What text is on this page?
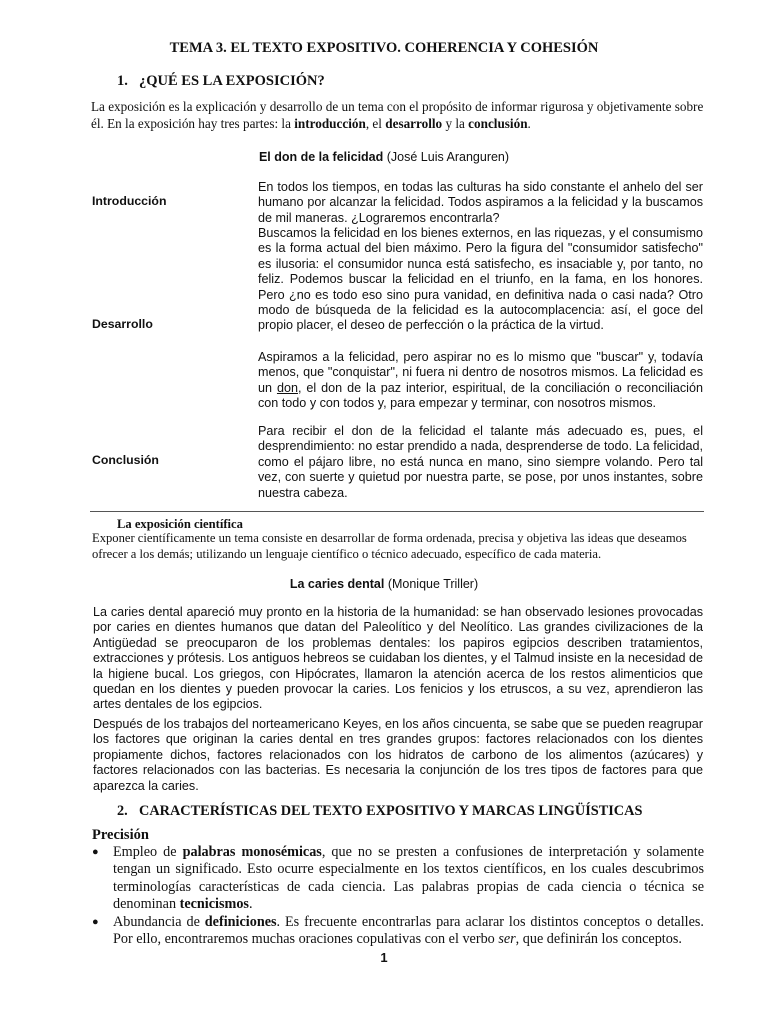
TEMA 3. EL TEXTO EXPOSITIVO. COHERENCIA Y COHESIÓN
1. ¿QUÉ ES LA EXPOSICIÓN?
La exposición es la explicación y desarrollo de un tema con el propósito de informar rigurosa y objetivamente sobre él. En la exposición hay tres partes: la introducción, el desarrollo y la conclusión.
El don de la felicidad (José Luis Aranguren)
Introducción
Desarrollo
Conclusión

En todos los tiempos, en todas las culturas ha sido constante el anhelo del ser humano por alcanzar la felicidad. Todos aspiramos a la felicidad y la buscamos de mil maneras. ¿Lograremos encontrarla?

Buscamos la felicidad en los bienes externos, en las riquezas, y el consumismo es la forma actual del bien máximo. Pero la figura del "consumidor satisfecho" es ilusoria: el consumidor nunca está satisfecho, es insaciable y, por tanto, no feliz. Podemos buscar la felicidad en el triunfo, en la fama, en los honores. Pero ¿no es todo eso sino pura vanidad, en definitiva nada o casi nada? Otro modo de búsqueda de la felicidad es la autocomplacencia: así, el goce del propio placer, el deseo de perfección o la práctica de la virtud.

Aspiramos a la felicidad, pero aspirar no es lo mismo que "buscar" y, todavía menos, que "conquistar", ni fuera ni dentro de nosotros mismos. La felicidad es un don, el don de la paz interior, espiritual, de la conciliación o reconciliación con todo y con todos y, para empezar y terminar, con nosotros mismos.

Para recibir el don de la felicidad el talante más adecuado es, pues, el desprendimiento: no estar prendido a nada, desprenderse de todo. La felicidad, como el pájaro libre, no está nunca en mano, sino siempre volando. Pero tal vez, con suerte y quietud por nuestra parte, se pose, por unos instantes, sobre nuestra cabeza.

La exposición científica
Exponer científicamente un tema consiste en desarrollar de forma ordenada, precisa y objetiva las ideas que deseamos ofrecer a los demás; utilizando un lenguaje científico o técnico adecuado, específico de cada materia.
La caries dental (Monique Triller)

La caries dental apareció muy pronto en la historia de la humanidad: se han observado lesiones provocadas por caries en dientes humanos que datan del Paleolítico y del Neolítico. Las grandes civilizaciones de la Antigüedad se preocuparon de los problemas dentales: los papiros egipcios describen tratamientos, extracciones y prótesis. Los antiguos hebreos se cuidaban los dientes, y el Talmud insiste en la necesidad de la higiene bucal. Los griegos, con Hipócrates, llamaron la atención acerca de los restos alimenticios que quedan en los dientes y pueden provocar la caries. Los fenicios y los etruscos, a su vez, aprendieron las artes dentales de los egipcios.

Después de los trabajos del norteamericano Keyes, en los años cincuenta, se sabe que se pueden reagrupar los factores que originan la caries dental en tres grandes grupos: factores relacionados con los dientes propiamente dichos, factores relacionados con los hidratos de carbono de los alimentos (azúcares) y factores relacionados con las bacterias. Es necesaria la conjunción de los tres tipos de factores para que aparezca la caries.

2. CARACTERÍSTICAS DEL TEXTO EXPOSITIVO Y MARCAS LINGÜÍSTICAS
Precisión
● Empleo de palabras monosémicas, que no se presten a confusiones de interpretación y solamente tengan un significado. Esto ocurre especialmente en los textos científicos, en los cuales descubrimos terminologías características de cada ciencia. Las palabras propias de cada ciencia o técnica se denominan tecnicismos.
● Abundancia de definiciones. Es frecuente encontrarlas para aclarar los distintos conceptos o detalles. Por ello, encontraremos muchas oraciones copulativas con el verbo ser, que definirán los conceptos.
1
